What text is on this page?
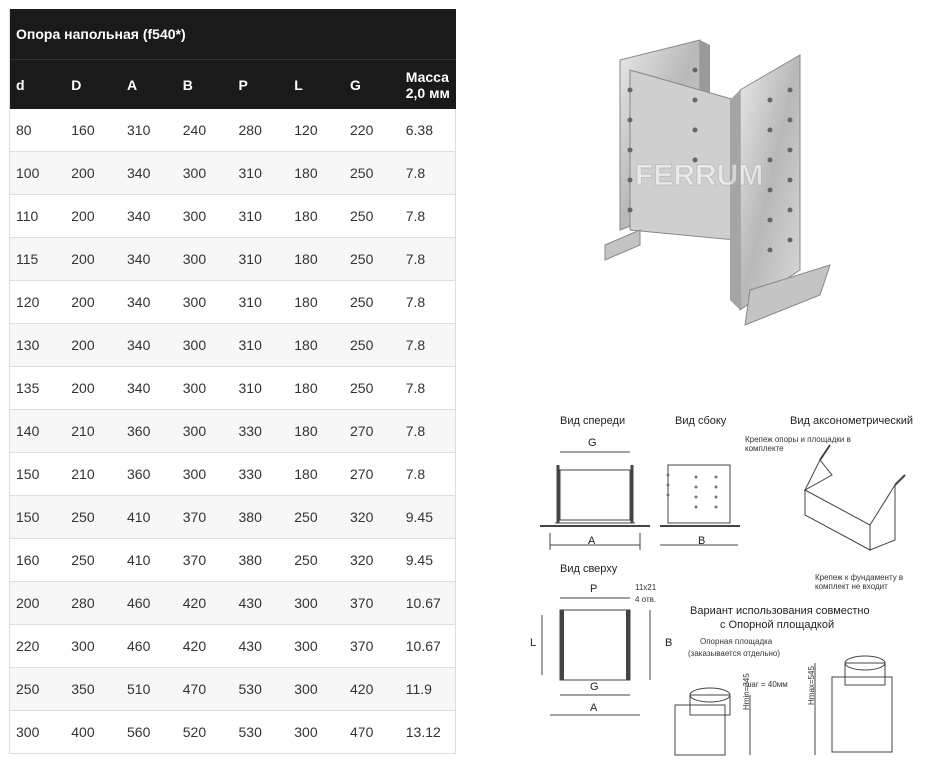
Опора напольная (f540*)							
d	D	A	B	P	L	G	Масса 2,0 мм
80	160	310	240	280	120	220	6.38
100	200	340	300	310	180	250	7.8
110	200	340	300	310	180	250	7.8
115	200	340	300	310	180	250	7.8
120	200	340	300	310	180	250	7.8
130	200	340	300	310	180	250	7.8
135	200	340	300	310	180	250	7.8
140	210	360	300	330	180	270	7.8
150	210	360	300	330	180	270	7.8
150	250	410	370	380	250	320	9.45
160	250	410	370	380	250	320	9.45
200	280	460	420	430	300	370	10.67
220	300	460	420	430	300	370	10.67
250	350	510	470	530	300	420	11.9
300	400	560	520	530	300	470	13.12
FERRUM
Вид спереди	Вид сбоку	Вид аксонометрический
G
A	B
Крепеж опоры и площадки в комплекте
Крепеж к фундаменту в комплект не входит
Вид сверху
P
L	B
G
A
11х21
4 отв.
Вариант использования совместно
с Опорной площадкой
Опорная площадка
(заказывается отдельно)
шаг = 40мм
Hmin=345	Hmax=545
